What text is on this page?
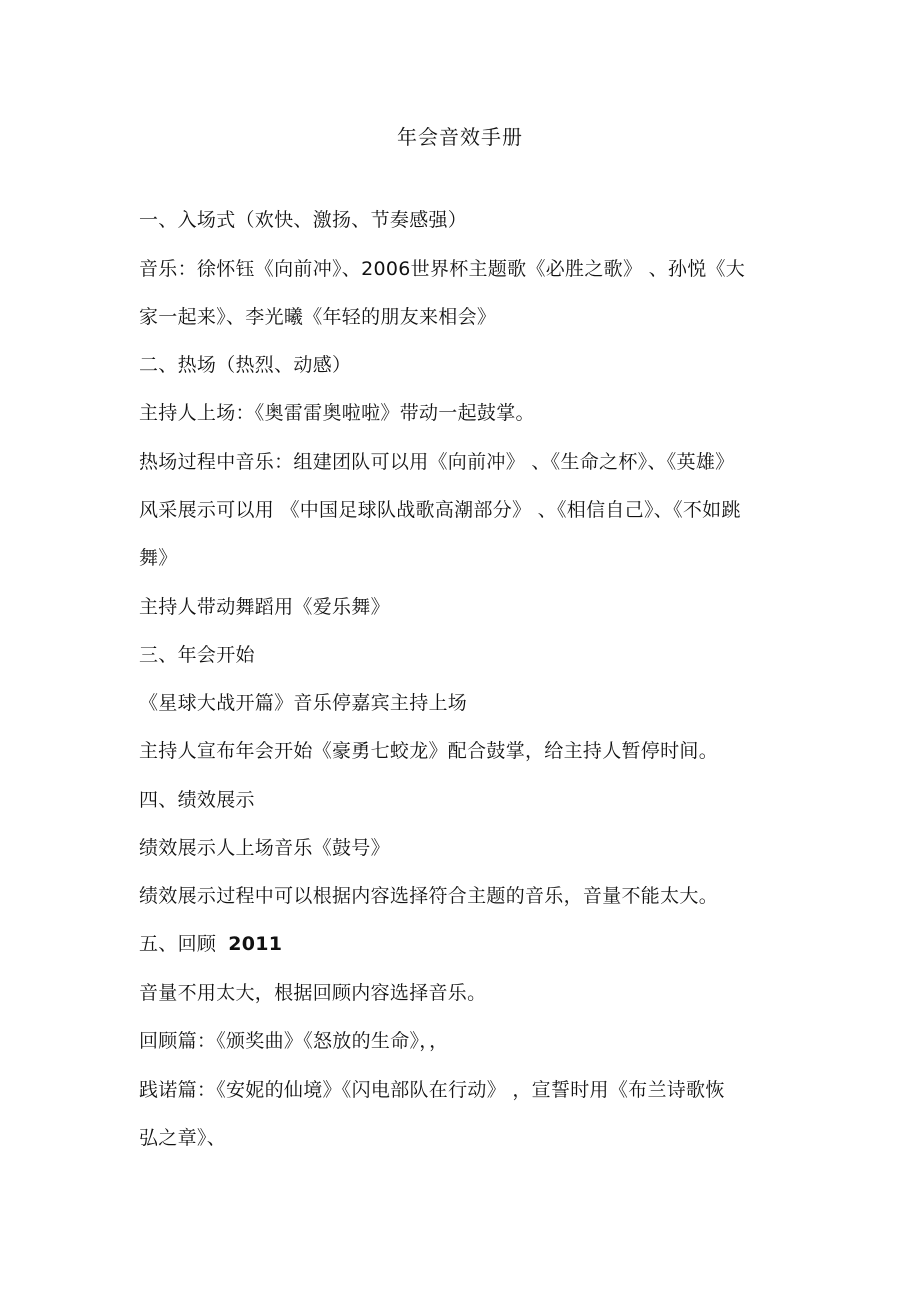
年会音效手册
一、入场式（欢快、激扬、节奏感强）
音乐：徐怀钰《向前冲》、2006世界杯主题歌《必胜之歌》 、孙悦《大
家一起来》、李光曦《年轻的朋友来相会》
二、热场（热烈、动感）
主持人上场：《奥雷雷奥啦啦》带动一起鼓掌。
热场过程中音乐：组建团队可以用《向前冲》 、《生命之杯》、《英雄》
风采展示可以用 《中国足球队战歌高潮部分》 、《相信自己》、《不如跳
舞》
主持人带动舞蹈用《爱乐舞》
三、年会开始
《星球大战开篇》音乐停嘉宾主持上场
主持人宣布年会开始《豪勇七蛟龙》配合鼓掌，给主持人暂停时间。
四、绩效展示
绩效展示人上场音乐《鼓号》
绩效展示过程中可以根据内容选择符合主题的音乐，音量不能太大。
五、回顾 2011
音量不用太大，根据回顾内容选择音乐。
回顾篇：《颁奖曲》《怒放的生命》，，
践诺篇：《安妮的仙境》《闪电部队在行动》 ，宣誓时用《布兰诗歌恢
弘之章》、
